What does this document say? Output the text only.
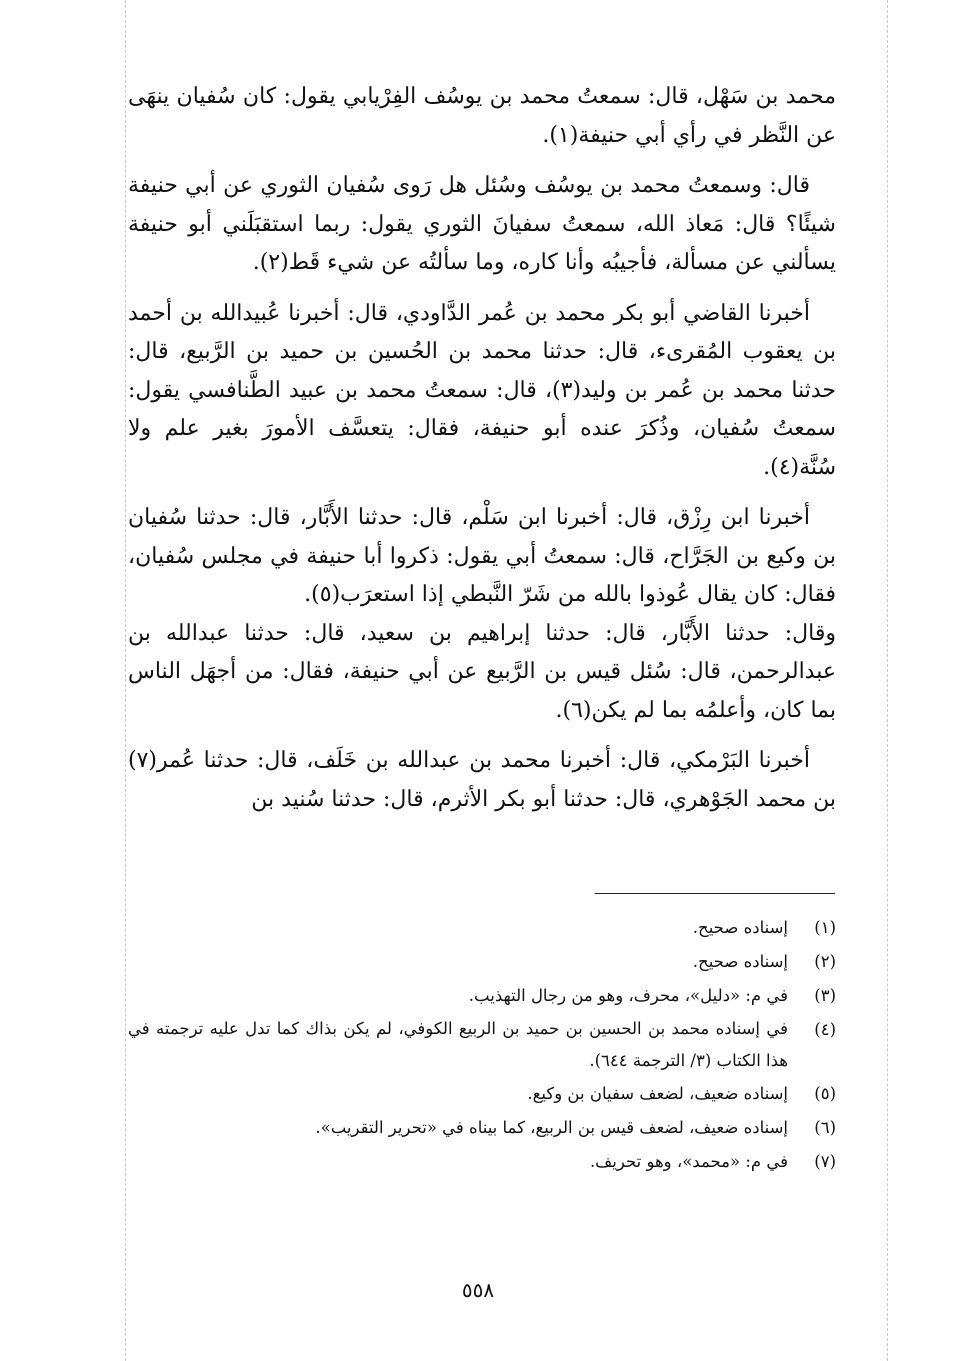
محمد بن سَهْل، قال: سمعتُ محمد بن يوسُف الفِرْيابي يقول: كان سُفيان ينهَى عن النَّظر في رأي أبي حنيفة(١).

قال: وسمعتُ محمد بن يوسُف وسُئل هل رَوى سُفيان الثوري عن أبي حنيفة شيئًا؟ قال: مَعاذ الله، سمعتُ سفيانَ الثوري يقول: ربما استقبَلَني أبو حنيفة يسألني عن مسألة، فأجيبُه وأنا كاره، وما سألتُه عن شيء قَط(٢).

أخبرنا القاضي أبو بكر محمد بن عُمر الدَّاودي، قال: أخبرنا عُبيدالله بن أحمد بن يعقوب المُقرىء، قال: حدثنا محمد بن الحُسين بن حميد بن الرَّبيع، قال: حدثنا محمد بن عُمر بن وليد(٣)، قال: سمعتُ محمد بن عبيد الطَّنافسي يقول: سمعتُ سُفيان، وذُكرَ عنده أبو حنيفة، فقال: يتعسَّف الأمورَ بغير علم ولا سُنَّة(٤).

أخبرنا ابن رِزْق، قال: أخبرنا ابن سَلْم، قال: حدثنا الأَبَّار، قال: حدثنا سُفيان بن وكيع بن الجَرَّاح، قال: سمعتُ أبي يقول: ذكروا أبا حنيفة في مجلس سُفيان، فقال: كان يقال عُوذوا بالله من شَرّ النَّبطي إذا استعرَب(٥).

وقال: حدثنا الأَبَّار، قال: حدثنا إبراهيم بن سعيد، قال: حدثنا عبدالله بن عبدالرحمن، قال: سُئل قيس بن الرَّبيع عن أبي حنيفة، فقال: من أجهَل الناس بما كان، وأعلمُه بما لم يكن(٦).

أخبرنا البَرْمكي، قال: أخبرنا محمد بن عبدالله بن خَلَف، قال: حدثنا عُمر(٧) بن محمد الجَوْهري، قال: حدثنا أبو بكر الأثرم، قال: حدثنا سُنيد بن

(١)
إسناده صحيح.
(٢)
إسناده صحيح.
(٣)
في م: «دليل»، محرف، وهو من رجال التهذيب.
(٤)
في إسناده محمد بن الحسين بن حميد بن الربيع الكوفي، لم يكن بذاك كما تدل عليه ترجمته في هذا الكتاب (٣/ الترجمة ٦٤٤).
(٥)
إسناده ضعيف، لضعف سفيان بن وكيع.
(٦)
إسناده ضعيف، لضعف قيس بن الربيع، كما بيناه في «تحرير التقريب».
(٧)
في م: «محمد»، وهو تحريف.
٥٥٨
